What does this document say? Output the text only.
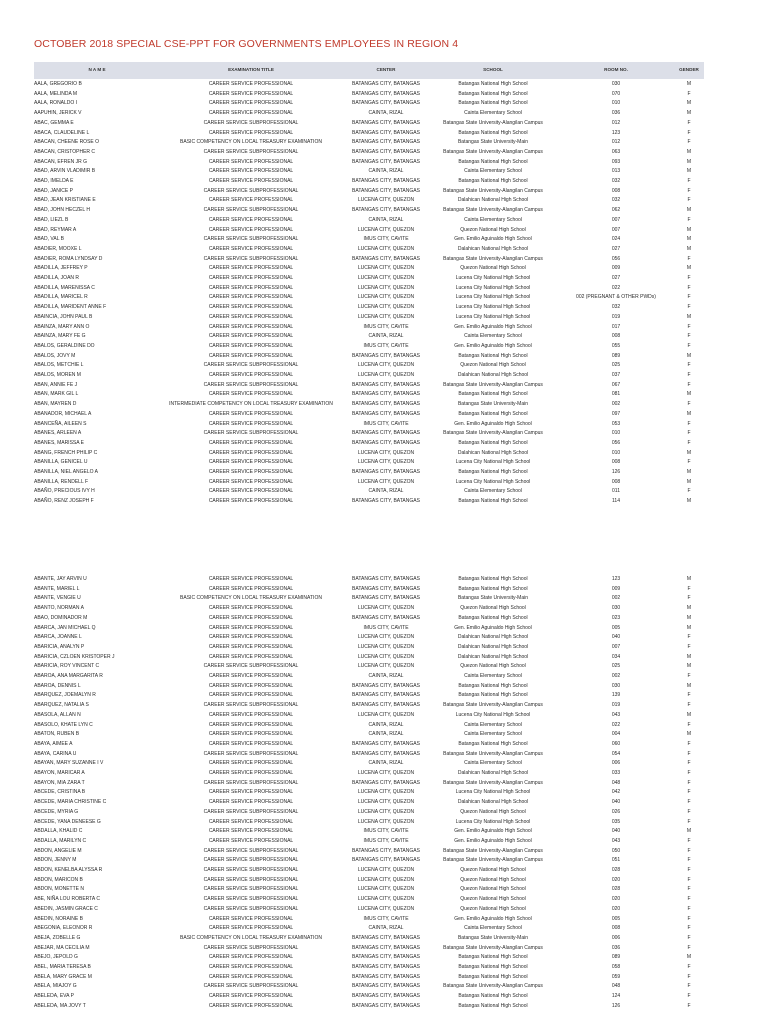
OCTOBER 2018 SPECIAL CSE-PPT FOR GOVERNMENTS EMPLOYEES IN REGION 4
N A M E	EXAMINATION TITLE	CENTER	SCHOOL	ROOM NO.	GENDER
AALA, GREGORIO B	CAREER SERVICE PROFESSIONAL	BATANGAS CITY, BATANGAS	Batangas National High School	030	M
AALA, MELINDA M	CAREER SERVICE PROFESSIONAL	BATANGAS CITY, BATANGAS	Batangas National High School	070	F
AALA, RONALDO I	CAREER SERVICE PROFESSIONAL	BATANGAS CITY, BATANGAS	Batangas National High School	010	M
AAPUHIN, JERICK V	CAREER SERVICE PROFESSIONAL	CAINTA, RIZAL	Cainta Elementary School	036	M
ABAC, GEMMA E	CAREER SERVICE SUBPROFESSIONAL	BATANGAS CITY, BATANGAS	Batangas State University-Alangilan Campus	012	F
ABACA, CLAUDELINE L	CAREER SERVICE PROFESSIONAL	BATANGAS CITY, BATANGAS	Batangas National High School	123	F
ABACAN, CHEENE ROSE O	BASIC COMPETENCY ON LOCAL TREASURY EXAMINATION	BATANGAS CITY, BATANGAS	Batangas State University-Main	012	F
ABACAN, CRISTOPHER C	CAREER SERVICE SUBPROFESSIONAL	BATANGAS CITY, BATANGAS	Batangas State University-Alangilan Campus	063	M
ABACAN, EFREN JR G	CAREER SERVICE PROFESSIONAL	BATANGAS CITY, BATANGAS	Batangas National High School	093	M
ABAD, ARVIN VLADIMIR B	CAREER SERVICE PROFESSIONAL	CAINTA, RIZAL	Cainta Elementary School	013	M
ABAD, IMELDA E	CAREER SERVICE PROFESSIONAL	BATANGAS CITY, BATANGAS	Batangas National High School	032	F
ABAD, JANICE P	CAREER SERVICE SUBPROFESSIONAL	BATANGAS CITY, BATANGAS	Batangas State University-Alangilan Campus	008	F
ABAD, JEAN KRISTIANE E	CAREER SERVICE PROFESSIONAL	LUCENA CITY, QUEZON	Dalahican National High School	032	F
ABAD, JOHN HECZEL H	CAREER SERVICE SUBPROFESSIONAL	BATANGAS CITY, BATANGAS	Batangas State University-Alangilan Campus	062	M
ABAD, LIEZL B	CAREER SERVICE PROFESSIONAL	CAINTA, RIZAL	Cainta Elementary School	007	F
ABAD, REYMAR A	CAREER SERVICE PROFESSIONAL	LUCENA CITY, QUEZON	Quezon National High School	007	M
ABAD, VAL B	CAREER SERVICE SUBPROFESSIONAL	IMUS CITY, CAVITE	Gen. Emilio Aguinaldo High School	024	M
ABADIER, MOOXE L	CAREER SERVICE PROFESSIONAL	LUCENA CITY, QUEZON	Dalahican National High School	027	M
ABADIER, ROMA LYNDSAY D	CAREER SERVICE SUBPROFESSIONAL	BATANGAS CITY, BATANGAS	Batangas State University-Alangilan Campus	056	F
ABADILLA, JEFFREY P	CAREER SERVICE PROFESSIONAL	LUCENA CITY, QUEZON	Quezon National High School	009	M
ABADILLA, JOAN R	CAREER SERVICE PROFESSIONAL	LUCENA CITY, QUEZON	Lucena City National High School	027	F
ABADILLA, MARENISSA C	CAREER SERVICE PROFESSIONAL	LUCENA CITY, QUEZON	Lucena City National High School	022	F
ABADILLA, MARICEL R	CAREER SERVICE PROFESSIONAL	LUCENA CITY, QUEZON	Lucena City National High School	002 (PREGNANT & OTHER PWDs)	F
ABADILLA, MARIDENT ANNE F	CAREER SERVICE PROFESSIONAL	LUCENA CITY, QUEZON	Lucena City National High School	032	F
ABAINCIA, JOHN PAUL B	CAREER SERVICE PROFESSIONAL	LUCENA CITY, QUEZON	Lucena City National High School	019	M
ABAINZA, MARY ANN O	CAREER SERVICE PROFESSIONAL	IMUS CITY, CAVITE	Gen. Emilio Aguinaldo High School	017	F
ABAINZA, MARY FE G	CAREER SERVICE PROFESSIONAL	CAINTA, RIZAL	Cainta Elementary School	008	F
ABALOS, GERALDINE DO	CAREER SERVICE PROFESSIONAL	IMUS CITY, CAVITE	Gen. Emilio Aguinaldo High School	055	F
ABALOS, JOVY M	CAREER SERVICE PROFESSIONAL	BATANGAS CITY, BATANGAS	Batangas National High School	089	M
ABALOS, METCHIE L	CAREER SERVICE SUBPROFESSIONAL	LUCENA CITY, QUEZON	Quezon National High School	025	F
ABALOS, MOREN M	CAREER SERVICE PROFESSIONAL	LUCENA CITY, QUEZON	Dalahican National High School	037	F
ABAN, ANNIE FE J	CAREER SERVICE SUBPROFESSIONAL	BATANGAS CITY, BATANGAS	Batangas State University-Alangilan Campus	067	F
ABAN, MARK GIL L	CAREER SERVICE PROFESSIONAL	BATANGAS CITY, BATANGAS	Batangas National High School	081	M
ABAN, MAYREN D	INTERMEDIATE COMPETENCY ON LOCAL TREASURY EXAMINATION	BATANGAS CITY, BATANGAS	Batangas State University-Main	002	F
ABANADOR, MICHAEL A	CAREER SERVICE PROFESSIONAL	BATANGAS CITY, BATANGAS	Batangas National High School	097	M
ABANCEÑA, AILEEN S	CAREER SERVICE PROFESSIONAL	IMUS CITY, CAVITE	Gen. Emilio Aguinaldo High School	053	F
ABANES, ARLEEN A	CAREER SERVICE SUBPROFESSIONAL	BATANGAS CITY, BATANGAS	Batangas State University-Alangilan Campus	010	F
ABANES, MARISSA E	CAREER SERVICE PROFESSIONAL	BATANGAS CITY, BATANGAS	Batangas National High School	056	F
ABANG, FRENCH PHILIP C	CAREER SERVICE PROFESSIONAL	LUCENA CITY, QUEZON	Dalahican National High School	010	M
ABANILLA, GENICEL U	CAREER SERVICE PROFESSIONAL	LUCENA CITY, QUEZON	Lucena City National High School	008	F
ABANILLA, NIEL ANGELO A	CAREER SERVICE PROFESSIONAL	BATANGAS CITY, BATANGAS	Batangas National High School	126	M
ABANILLA, RENDELL F	CAREER SERVICE PROFESSIONAL	LUCENA CITY, QUEZON	Lucena City National High School	008	M
ABAÑO, PRECIOUS IVY H	CAREER SERVICE PROFESSIONAL	CAINTA, RIZAL	Cainta Elementary School	011	F
ABAÑO, RENZ JOSEPH F	CAREER SERVICE PROFESSIONAL	BATANGAS CITY, BATANGAS	Batangas National High School	114	M
ABANTE, JAY ARVIN U	CAREER SERVICE PROFESSIONAL	BATANGAS CITY, BATANGAS	Batangas National High School	123	M
ABANTE, MARIEL L	CAREER SERVICE PROFESSIONAL	BATANGAS CITY, BATANGAS	Batangas National High School	009	F
ABANTE, VENGIE U	BASIC COMPETENCY ON LOCAL TREASURY EXAMINATION	BATANGAS CITY, BATANGAS	Batangas State University-Main	002	F
ABANTO, NORMAN A	CAREER SERVICE PROFESSIONAL	LUCENA CITY, QUEZON	Quezon National High School	030	M
ABAO, DOMINADOR M	CAREER SERVICE PROFESSIONAL	BATANGAS CITY, BATANGAS	Batangas National High School	023	M
ABARCA, JAN MICHAEL Q	CAREER SERVICE PROFESSIONAL	IMUS CITY, CAVITE	Gen. Emilio Aguinaldo High School	005	M
ABARCA, JOANNE L	CAREER SERVICE PROFESSIONAL	LUCENA CITY, QUEZON	Dalahican National High School	040	F
ABARICIA, ANALYN P	CAREER SERVICE PROFESSIONAL	LUCENA CITY, QUEZON	Dalahican National High School	007	F
ABARICIA, CZLOEN KRISTOPER J	CAREER SERVICE PROFESSIONAL	LUCENA CITY, QUEZON	Dalahican National High School	034	M
ABARICIA, ROY VINCENT C	CAREER SERVICE SUBPROFESSIONAL	LUCENA CITY, QUEZON	Quezon National High School	025	M
ABAROA, ANA MARGARITA R	CAREER SERVICE PROFESSIONAL	CAINTA, RIZAL	Cainta Elementary School	002	F
ABAROA, DENNIS L	CAREER SERVICE PROFESSIONAL	BATANGAS CITY, BATANGAS	Batangas National High School	030	M
ABARQUEZ, JOEMALYN R	CAREER SERVICE PROFESSIONAL	BATANGAS CITY, BATANGAS	Batangas National High School	139	F
ABARQUEZ, NATALIA S	CAREER SERVICE SUBPROFESSIONAL	BATANGAS CITY, BATANGAS	Batangas State University-Alangilan Campus	019	F
ABASOLA, ALLAN N	CAREER SERVICE PROFESSIONAL	LUCENA CITY, QUEZON	Lucena City National High School	043	M
ABASOLO, KHATE LYN C	CAREER SERVICE PROFESSIONAL	CAINTA, RIZAL	Cainta Elementary School	022	F
ABATON, RUBEN B	CAREER SERVICE PROFESSIONAL	CAINTA, RIZAL	Cainta Elementary School	004	M
ABAYA, AIMEE A	CAREER SERVICE PROFESSIONAL	BATANGAS CITY, BATANGAS	Batangas National High School	060	F
ABAYA, CARINA U	CAREER SERVICE SUBPROFESSIONAL	BATANGAS CITY, BATANGAS	Batangas State University-Alangilan Campus	054	F
ABAYAN, MARY SUZANNE I V	CAREER SERVICE PROFESSIONAL	CAINTA, RIZAL	Cainta Elementary School	006	F
ABAYON, MARICAR A	CAREER SERVICE PROFESSIONAL	LUCENA CITY, QUEZON	Dalahican National High School	033	F
ABAYON, MIA ZARA T	CAREER SERVICE SUBPROFESSIONAL	BATANGAS CITY, BATANGAS	Batangas State University-Alangilan Campus	048	F
ABCEDE, CRISTINA B	CAREER SERVICE PROFESSIONAL	LUCENA CITY, QUEZON	Lucena City National High School	042	F
ABCEDE, MARIA CHRISTINE C	CAREER SERVICE PROFESSIONAL	LUCENA CITY, QUEZON	Dalahican National High School	040	F
ABCEDE, MYRIA G	CAREER SERVICE SUBPROFESSIONAL	LUCENA CITY, QUEZON	Quezon National High School	026	F
ABCEDE, YANA DENEESE G	CAREER SERVICE PROFESSIONAL	LUCENA CITY, QUEZON	Lucena City National High School	035	F
ABDALLA, KHALID C	CAREER SERVICE PROFESSIONAL	IMUS CITY, CAVITE	Gen. Emilio Aguinaldo High School	040	M
ABDALLA, MARILYN C	CAREER SERVICE PROFESSIONAL	IMUS CITY, CAVITE	Gen. Emilio Aguinaldo High School	043	F
ABDON, ANGELIE M	CAREER SERVICE SUBPROFESSIONAL	BATANGAS CITY, BATANGAS	Batangas State University-Alangilan Campus	050	F
ABDON, JENNY M	CAREER SERVICE SUBPROFESSIONAL	BATANGAS CITY, BATANGAS	Batangas State University-Alangilan Campus	051	F
ABDON, KENELBA ALYSSA R	CAREER SERVICE SUBPROFESSIONAL	LUCENA CITY, QUEZON	Quezon National High School	028	F
ABDON, MARICON B	CAREER SERVICE SUBPROFESSIONAL	LUCENA CITY, QUEZON	Quezon National High School	020	F
ABDON, MONETTE N	CAREER SERVICE SUBPROFESSIONAL	LUCENA CITY, QUEZON	Quezon National High School	028	F
ABE, NIÑA LOU ROBERTA C	CAREER SERVICE SUBPROFESSIONAL	LUCENA CITY, QUEZON	Quezon National High School	020	F
ABEDIN, JASMIN GRACE C	CAREER SERVICE SUBPROFESSIONAL	LUCENA CITY, QUEZON	Quezon National High School	020	F
ABEDIN, NORAINE B	CAREER SERVICE PROFESSIONAL	IMUS CITY, CAVITE	Gen. Emilio Aguinaldo High School	005	F
ABEGONIA, ELEONOR R	CAREER SERVICE PROFESSIONAL	CAINTA, RIZAL	Cainta Elementary School	008	F
ABEJA, ZOBELLE G	BASIC COMPETENCY ON LOCAL TREASURY EXAMINATION	BATANGAS CITY, BATANGAS	Batangas State University-Main	006	F
ABEJAR, MA CECILIA M	CAREER SERVICE SUBPROFESSIONAL	BATANGAS CITY, BATANGAS	Batangas State University-Alangilan Campus	036	F
ABEJO, JEPOLD G	CAREER SERVICE PROFESSIONAL	BATANGAS CITY, BATANGAS	Batangas National High School	089	M
ABEL, MARIA TERESA B	CAREER SERVICE PROFESSIONAL	BATANGAS CITY, BATANGAS	Batangas National High School	058	F
ABELA, MARY GRACE M	CAREER SERVICE PROFESSIONAL	BATANGAS CITY, BATANGAS	Batangas National High School	059	F
ABELA, MIAJOY G	CAREER SERVICE SUBPROFESSIONAL	BATANGAS CITY, BATANGAS	Batangas State University-Alangilan Campus	048	F
ABELEDA, EVA P	CAREER SERVICE PROFESSIONAL	BATANGAS CITY, BATANGAS	Batangas National High School	124	F
ABELEDA, MA JOVY T	CAREER SERVICE PROFESSIONAL	BATANGAS CITY, BATANGAS	Batangas National High School	126	F
